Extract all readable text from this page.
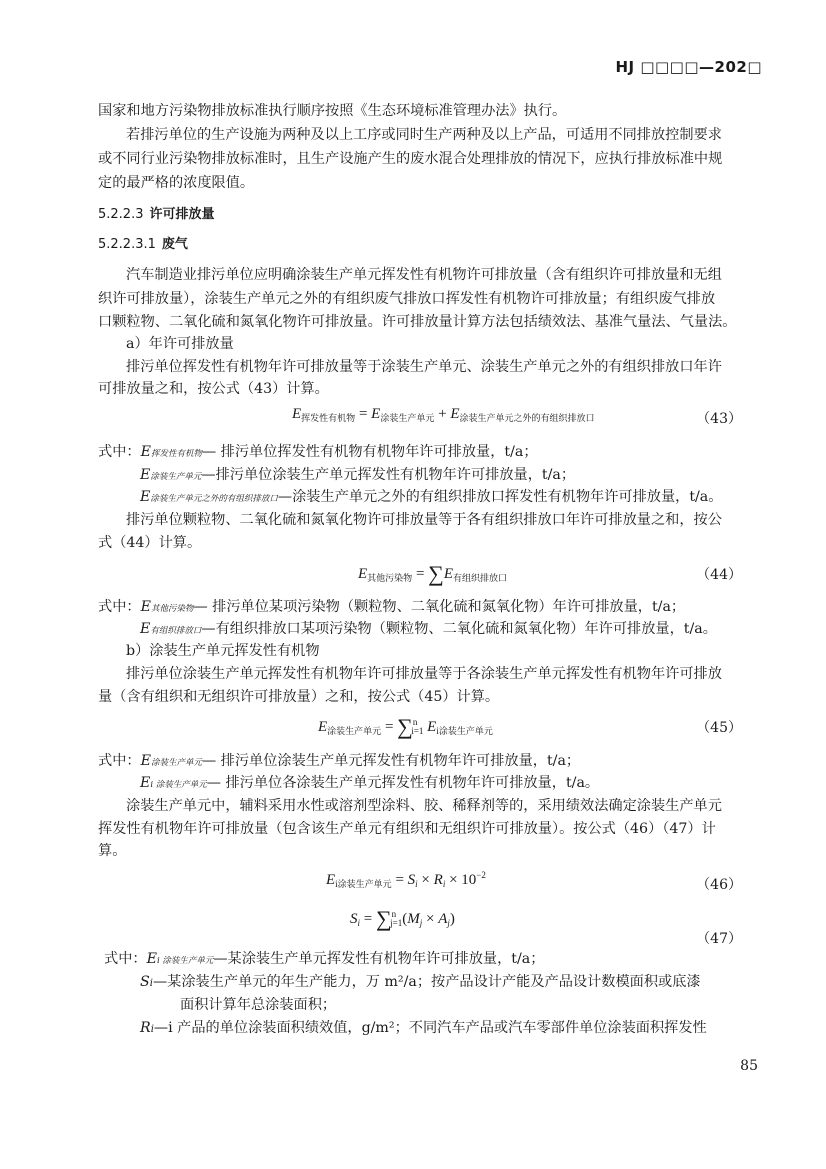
HJ □□□□—202□
国家和地方污染物排放标准执行顺序按照《生态环境标准管理办法》执行。
若排污单位的生产设施为两种及以上工序或同时生产两种及以上产品，可适用不同排放控制要求
或不同行业污染物排放标准时，且生产设施产生的废水混合处理排放的情况下，应执行排放标准中规
定的最严格的浓度限值。
5.2.2.3 许可排放量
5.2.2.3.1 废气
汽车制造业排污单位应明确涂装生产单元挥发性有机物许可排放量（含有组织许可排放量和无组
织许可排放量），涂装生产单元之外的有组织废气排放口挥发性有机物许可排放量；有组织废气排放
口颗粒物、二氧化硫和氮氧化物许可排放量。许可排放量计算方法包括绩效法、基准气量法、气量法。
a）年许可排放量
排污单位挥发性有机物年许可排放量等于涂装生产单元、涂装生产单元之外的有组织排放口年许
可排放量之和，按公式（43）计算。
$E_{挥发性有机物} = E_{涂装生产单元} + E_{涂装生产单元之外的有组织排放口}$	（43）
式中：E挥发性有机物— 排污单位挥发性有机物有机物年许可排放量，t/a；
E涂装生产单元—排污单位涂装生产单元挥发性有机物年许可排放量，t/a；
E涂装生产单元之外的有组织排放口—涂装生产单元之外的有组织排放口挥发性有机物年许可排放量，t/a。
排污单位颗粒物、二氧化硫和氮氧化物许可排放量等于各有组织排放口年许可排放量之和，按公
式（44）计算。
$E_{其他污染物} = \sum E_{有组织排放口}$	（44）
式中：E其他污染物— 排污单位某项污染物（颗粒物、二氧化硫和氮氧化物）年许可排放量，t/a；
E有组织排放口—有组织排放口某项污染物（颗粒物、二氧化硫和氮氧化物）年许可排放量，t/a。
b）涂装生产单元挥发性有机物
排污单位涂装生产单元挥发性有机物年许可排放量等于各涂装生产单元挥发性有机物年许可排放
量（含有组织和无组织许可排放量）之和，按公式（45）计算。
$E_{涂装生产单元} = \sum^n_{i=1}$ $E_{i涂装生产单元}$	（45）
式中：E涂装生产单元— 排污单位涂装生产单元挥发性有机物年许可排放量，t/a；
Ei 涂装生产单元— 排污单位各涂装生产单元挥发性有机物年许可排放量，t/a。
涂装生产单元中，辅料采用水性或溶剂型涂料、胶、稀释剂等的，采用绩效法确定涂装生产单元
挥发性有机物年许可排放量（包含该生产单元有组织和无组织许可排放量）。按公式（46）（47）计
算。
$E_{i涂装生产单元} = S_i \times R_i \times 10^{-2}$
（46）
$S_i = \sum^n_{j=1}(M_j \times A_j)$
（47）
式中：Ei 涂装生产单元—某涂装生产单元挥发性有机物年许可排放量，t/a；
Si—某涂装生产单元的年生产能力，万 m²/a；按产品设计产能及产品设计数模面积或底漆
面积计算年总涂装面积；
Ri—i 产品的单位涂装面积绩效值，g/m²；不同汽车产品或汽车零部件单位涂装面积挥发性
85
